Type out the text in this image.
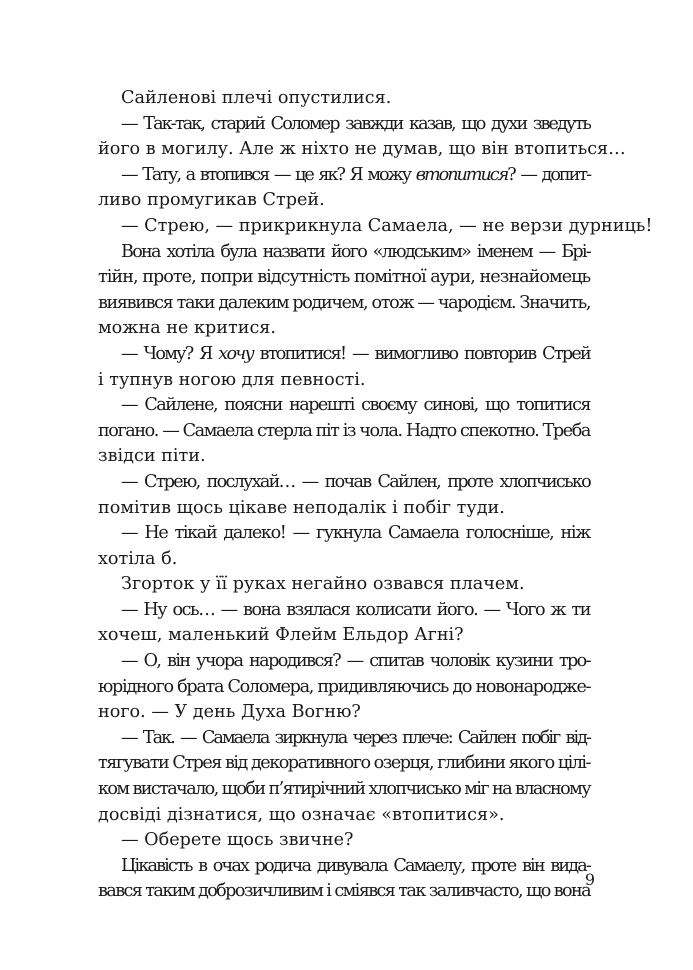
Сайленові плечі опустилися.
— Так-так, старий Соломер завжди казав, що духи зведуть
його в могилу. Але ж ніхто не думав, що він втопиться…
— Тату, а втопився — це як? Я можу втопитися? — допит-
ливо промугикав Стрей.
— Стрею, — прикрикнула Самаела, — не верзи дурниць!
Вона хотіла була назвати його «людським» іменем — Брі-
тійн, проте, попри відсутність помітної аури, незнайомець
виявився таки далеким родичем, отож — чародієм. Значить,
можна не критися.
— Чому? Я хочу втопитися! — вимогливо повторив Стрей
і тупнув ногою для певності.
— Сайлене, поясни нарешті своєму синові, що топитися
погано. — Самаела стерла піт із чола. Надто спекотно. Треба
звідси піти.
— Стрею, послухай… — почав Сайлен, проте хлопчисько
помітив щось цікаве неподалік і побіг туди.
— Не тікай далеко! — гукнула Самаела голосніше, ніж
хотіла б.
Згорток у її руках негайно озвався плачем.
— Ну ось… — вона взялася колисати його. — Чого ж ти
хочеш, маленький Флейм Ельдор Агні?
— О, він учора народився? — спитав чоловік кузини тро-
юрідного брата Соломера, придивляючись до новонародже-
ного. — У день Духа Вогню?
— Так. — Самаела зиркнула через плече: Сайлен побіг від-
тягувати Стрея від декоративного озерця, глибини якого цілі-
ком вистачало, щоби п’ятирічний хлопчисько міг на власному
досвіді дізнатися, що означає «втопитися».
— Оберете щось звичне?
Цікавість в очах родича дивувала Самаелу, проте він вида-
вався таким доброзичливим і сміявся так заливчасто, що вона
9
